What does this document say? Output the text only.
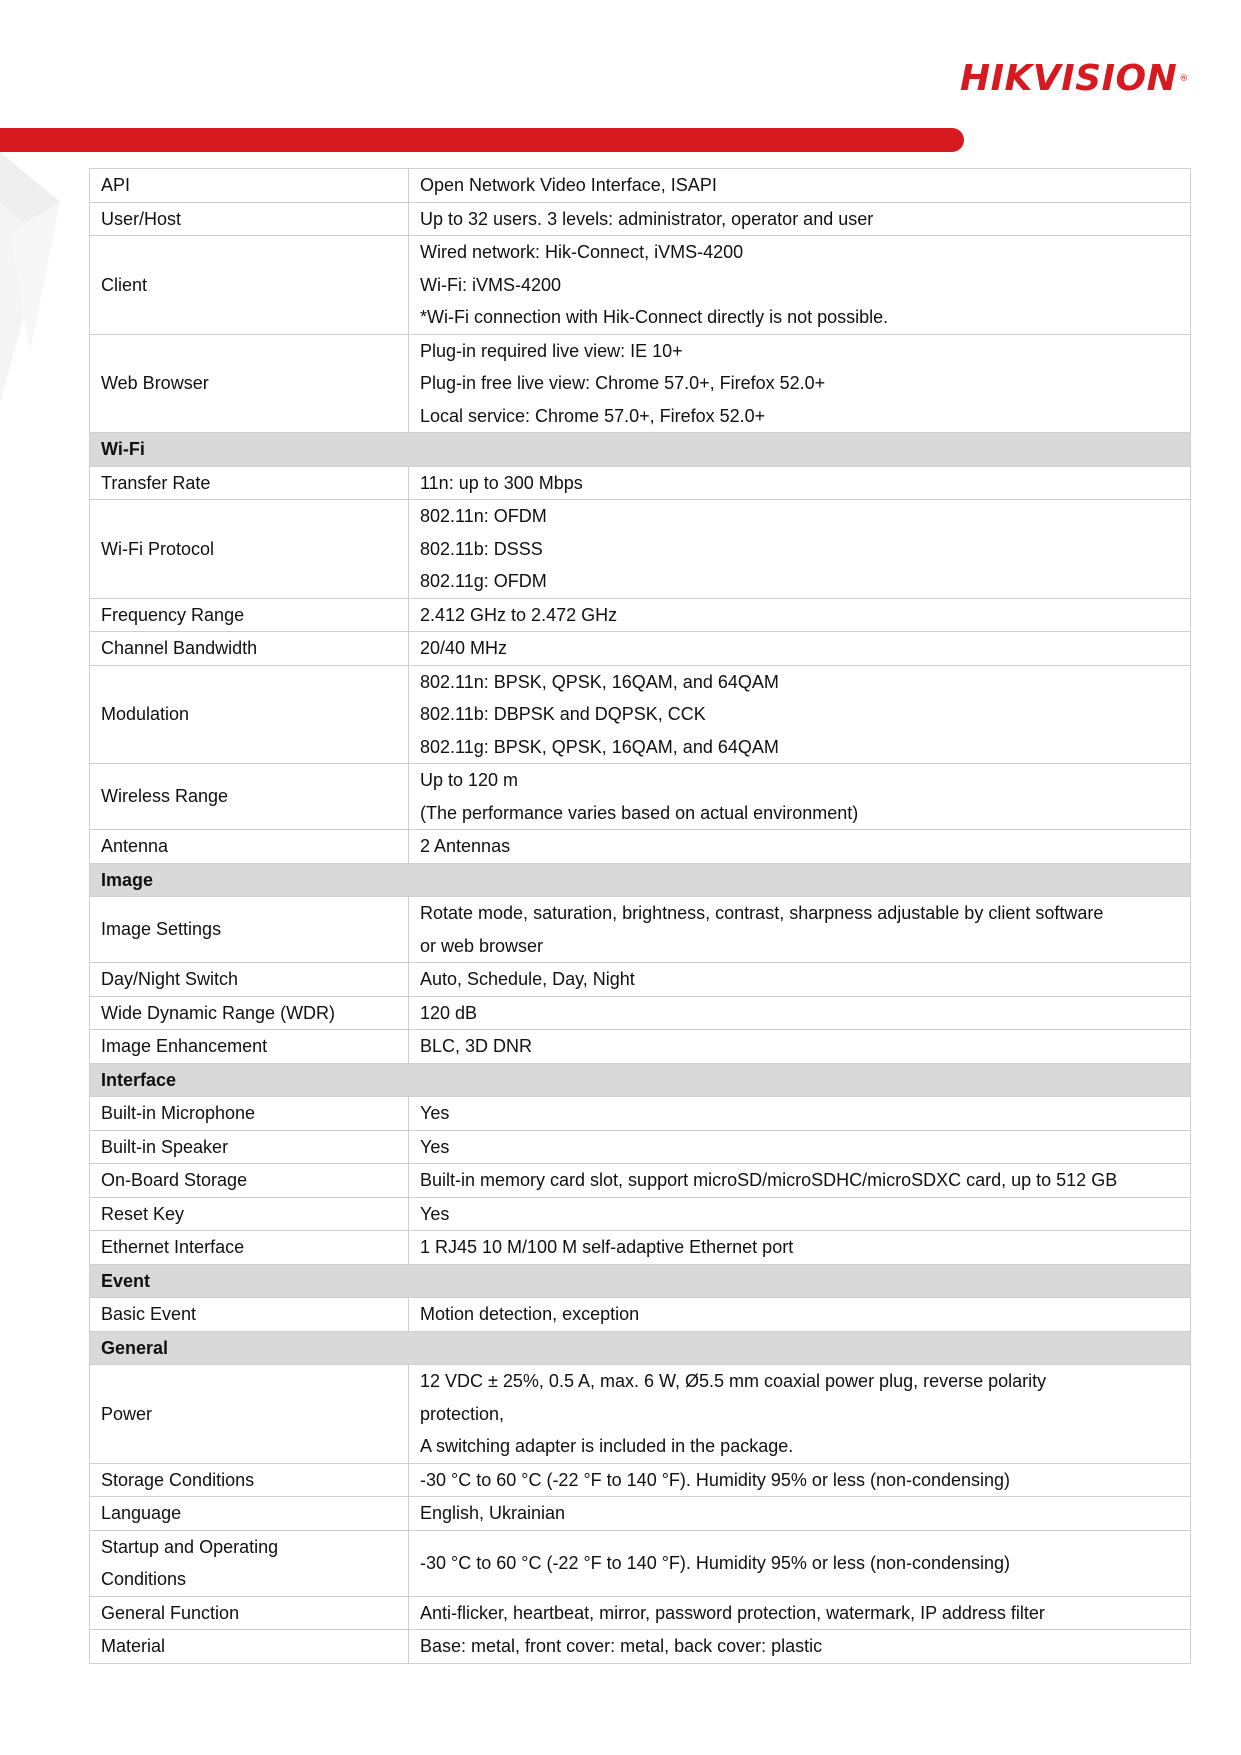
HIKVISION ®
API	Open Network Video Interface, ISAPI

User/Host	Up to 32 users. 3 levels: administrator, operator and user

Client	Wired network: Hik-Connect, iVMS-4200
Wi-Fi: iVMS-4200
*Wi-Fi connection with Hik-Connect directly is not possible.

Web Browser	Plug-in required live view: IE 10+
Plug-in free live view: Chrome 57.0+, Firefox 52.0+
Local service: Chrome 57.0+, Firefox 52.0+

Wi-Fi	
Transfer Rate	11n: up to 300 Mbps

Wi-Fi Protocol	802.11n: OFDM
802.11b: DSSS
802.11g: OFDM

Frequency Range	2.412 GHz to 2.472 GHz

Channel Bandwidth	20/40 MHz

Modulation	802.11n: BPSK, QPSK, 16QAM, and 64QAM
802.11b: DBPSK and DQPSK, CCK
802.11g: BPSK, QPSK, 16QAM, and 64QAM

Wireless Range	Up to 120 m
(The performance varies based on actual environment)

Antenna	2 Antennas

Image	
Image Settings	Rotate mode, saturation, brightness, contrast, sharpness adjustable by client software
or web browser

Day/Night Switch	Auto, Schedule, Day, Night

Wide Dynamic Range (WDR)	120 dB

Image Enhancement	BLC, 3D DNR

Interface	
Built-in Microphone	Yes

Built-in Speaker	Yes

On-Board Storage	Built-in memory card slot, support microSD/microSDHC/microSDXC card, up to 512 GB

Reset Key	Yes

Ethernet Interface	1 RJ45 10 M/100 M self-adaptive Ethernet port

Event	
Basic Event	Motion detection, exception

General	
Power	12 VDC ± 25%, 0.5 A, max. 6 W, Ø5.5 mm coaxial power plug, reverse polarity
protection,
A switching adapter is included in the package.

Storage Conditions	-30 °C to 60 °C (-22 °F to 140 °F). Humidity 95% or less (non-condensing)

Language	English, Ukrainian

Startup and Operating
Conditions	-30 °C to 60 °C (-22 °F to 140 °F). Humidity 95% or less (non-condensing)

General Function	Anti-flicker, heartbeat, mirror, password protection, watermark, IP address filter

Material	Base: metal, front cover: metal, back cover: plastic
